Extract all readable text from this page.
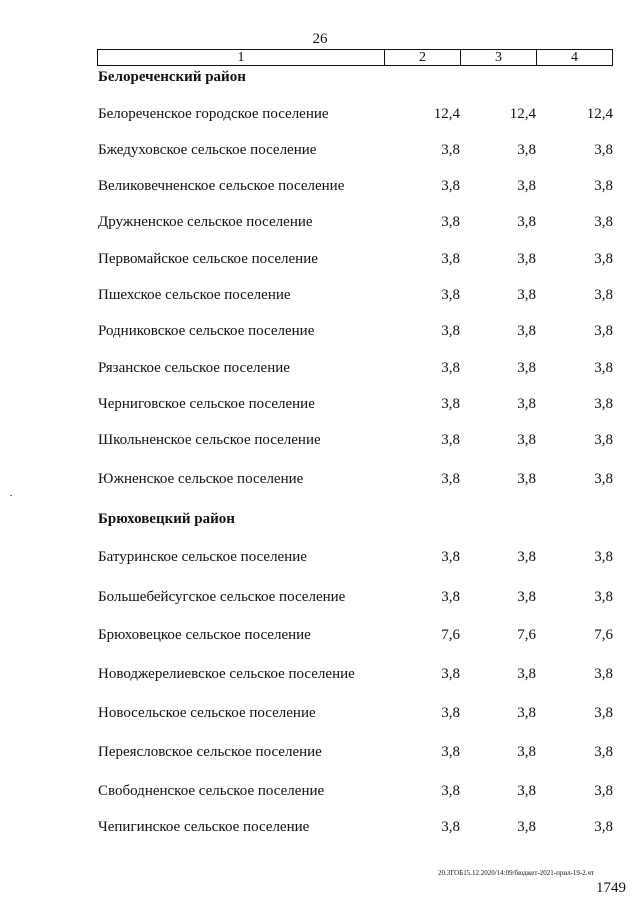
26
1	2	3	4
Белореченский район
Белореченское городское поселение	12,4	12,4	12,4
Бжедуховское сельское поселение	3,8	3,8	3,8
Великовечненское сельское поселение	3,8	3,8	3,8
Дружненское сельское поселение	3,8	3,8	3,8
Первомайское сельское поселение	3,8	3,8	3,8
Пшехское сельское поселение	3,8	3,8	3,8
Родниковское сельское поселение	3,8	3,8	3,8
Рязанское сельское поселение	3,8	3,8	3,8
Черниговское сельское поселение	3,8	3,8	3,8
Школьненское сельское поселение	3,8	3,8	3,8
Южненское сельское поселение	3,8	3,8	3,8
Брюховецкий район
Батуринское сельское поселение	3,8	3,8	3,8
Большебейсугское сельское поселение	3,8	3,8	3,8
Брюховецкое сельское поселение	7,6	7,6	7,6
Новоджерелиевское сельское поселение	3,8	3,8	3,8
Новосельское сельское поселение	3,8	3,8	3,8
Переясловское сельское поселение	3,8	3,8	3,8
Свободненское сельское поселение	3,8	3,8	3,8
Чепигинское сельское поселение	3,8	3,8	3,8
20.3ГОБ15.12.2020/14:09/бюджет-2021-прил-19-2.чт
1749
